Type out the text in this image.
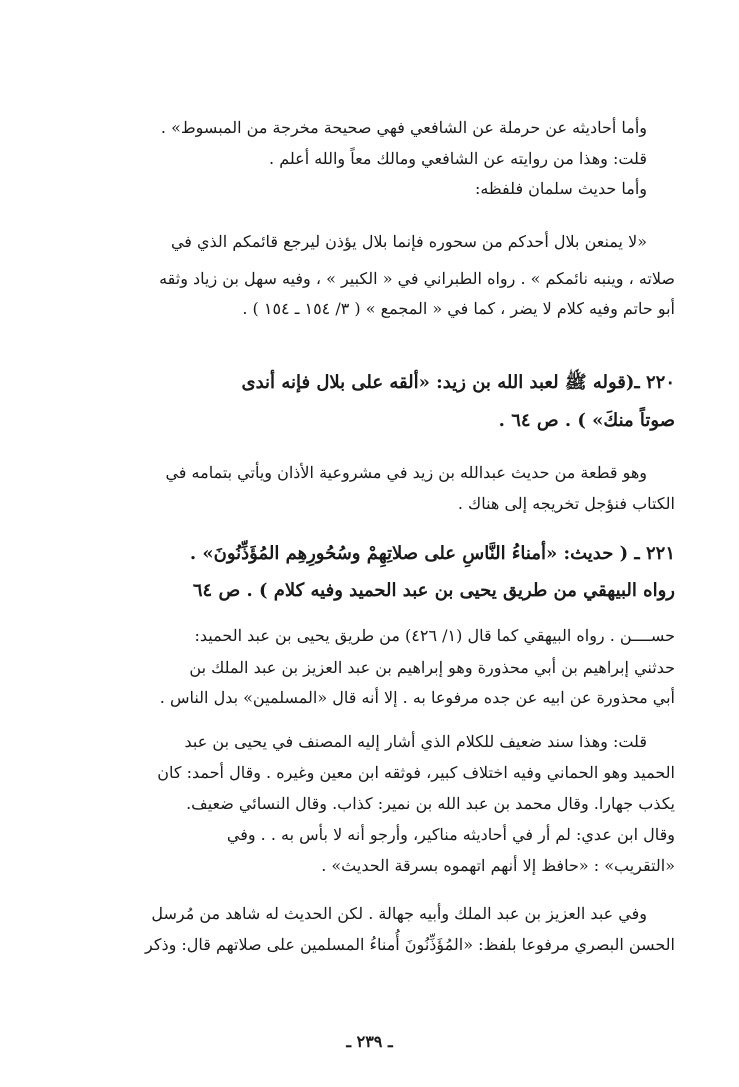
وأما أحاديثه عن حرملة عن الشافعي فهي صحيحة مخرجة من المبسوط» .
قلت: وهذا من روايته عن الشافعي ومالك معاً والله أعلم .
وأما حديث سلمان فلفظه:
«لا يمنعن بلال أحدكم من سحوره فإنما بلال يؤذن ليرجع قائمكم الذي في
صلاته ، وينبه نائمكم » . رواه الطبراني في « الكبير » ، وفيه سهل بن زياد وثقه
أبو حاتم وفيه كلام لا يضر ، كما في « المجمع » ( ٣/ ١٥٤ ـ ١٥٤ ) .
٢٢٠ ـ(قوله ﷺ لعبد الله بن زيد: «ألقه على بلال فإنه أندى
صوتاً منكَ» ) . ص ٦٤ .
وهو قطعة من حديث عبدالله بن زيد في مشروعية الأذان ويأتي بتمامه في
الكتاب فنؤجل تخريجه إلى هناك .
٢٢١ ـ ( حديث: «أمناءُ النَّاسِ على صلاتِهِمْ وسُحُورِهِم المُؤَذِّنُونَ» .
رواه البيهقي من طريق يحيى بن عبد الحميد وفيه كلام ) . ص ٦٤
حســــن . رواه البيهقي كما قال (١/ ٤٢٦) من طريق يحيى بن عبد الحميد:
حدثني إبراهيم بن أبي محذورة وهو إبراهيم بن عبد العزيز بن عبد الملك بن
أبي محذورة عن ابيه عن جده مرفوعا به . إلا أنه قال «المسلمين» بدل الناس .
قلت: وهذا سند ضعيف للكلام الذي أشار إليه المصنف في يحيى بن عبد
الحميد وهو الحماني وفيه اختلاف كبير، فوثقه ابن معين وغيره . وقال أحمد: كان
يكذب جهارا. وقال محمد بن عبد الله بن نمير: كذاب. وقال النسائي ضعيف.
وقال ابن عدي: لم أر في أحاديثه مناكير، وأرجو أنه لا بأس به . . وفي
«التقريب» : «حافظ إلا أنهم اتهموه بسرقة الحديث» .
وفي عبد العزيز بن عبد الملك وأبيه جهالة . لكن الحديث له شاهد من مُرسل
الحسن البصري مرفوعا بلفظ: «المُؤَذِّنُونَ أُمناءُ المسلمين على صلاتهم قال: وذكر
ـ ٢٣٩ ـ
